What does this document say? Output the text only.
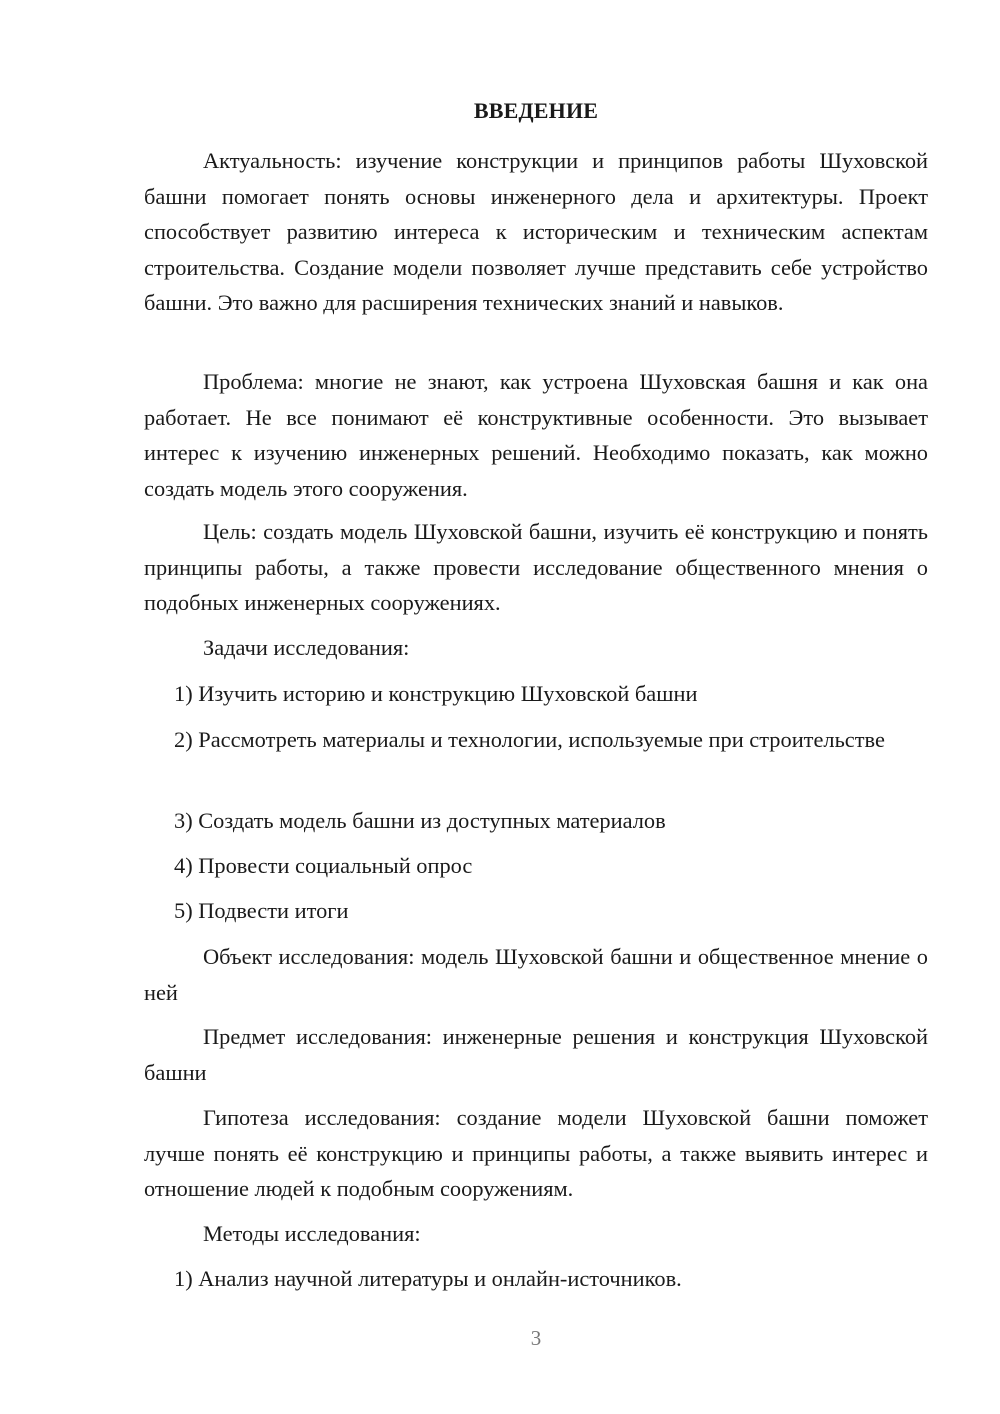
ВВЕДЕНИЕ

Актуальность: изучение конструкции и принципов работы Шуховской башни помогает понять основы инженерного дела и архитектуры. Проект способствует развитию интереса к историческим и техническим аспектам строительства. Создание модели позволяет лучше представить себе устройство башни. Это важно для расширения технических знаний и навыков.

Проблема: многие не знают, как устроена Шуховская башня и как она работает. Не все понимают её конструктивные особенности. Это вызывает интерес к изучению инженерных решений. Необходимо показать, как можно создать модель этого сооружения.

Цель: создать модель Шуховской башни, изучить её конструкцию и понять принципы работы, а также провести исследование общественного мнения о подобных инженерных сооружениях.

Задачи исследования:

1) Изучить историю и конструкцию Шуховской башни

2) Рассмотреть материалы и технологии, используемые при строительстве

3) Создать модель башни из доступных материалов

4) Провести социальный опрос

5) Подвести итоги

Объект исследования: модель Шуховской башни и общественное мнение о ней

Предмет исследования: инженерные решения и конструкция Шуховской башни

Гипотеза исследования: создание модели Шуховской башни поможет лучше понять её конструкцию и принципы работы, а также выявить интерес и отношение людей к подобным сооружениям.

Методы исследования:

1) Анализ научной литературы и онлайн-источников.

3
